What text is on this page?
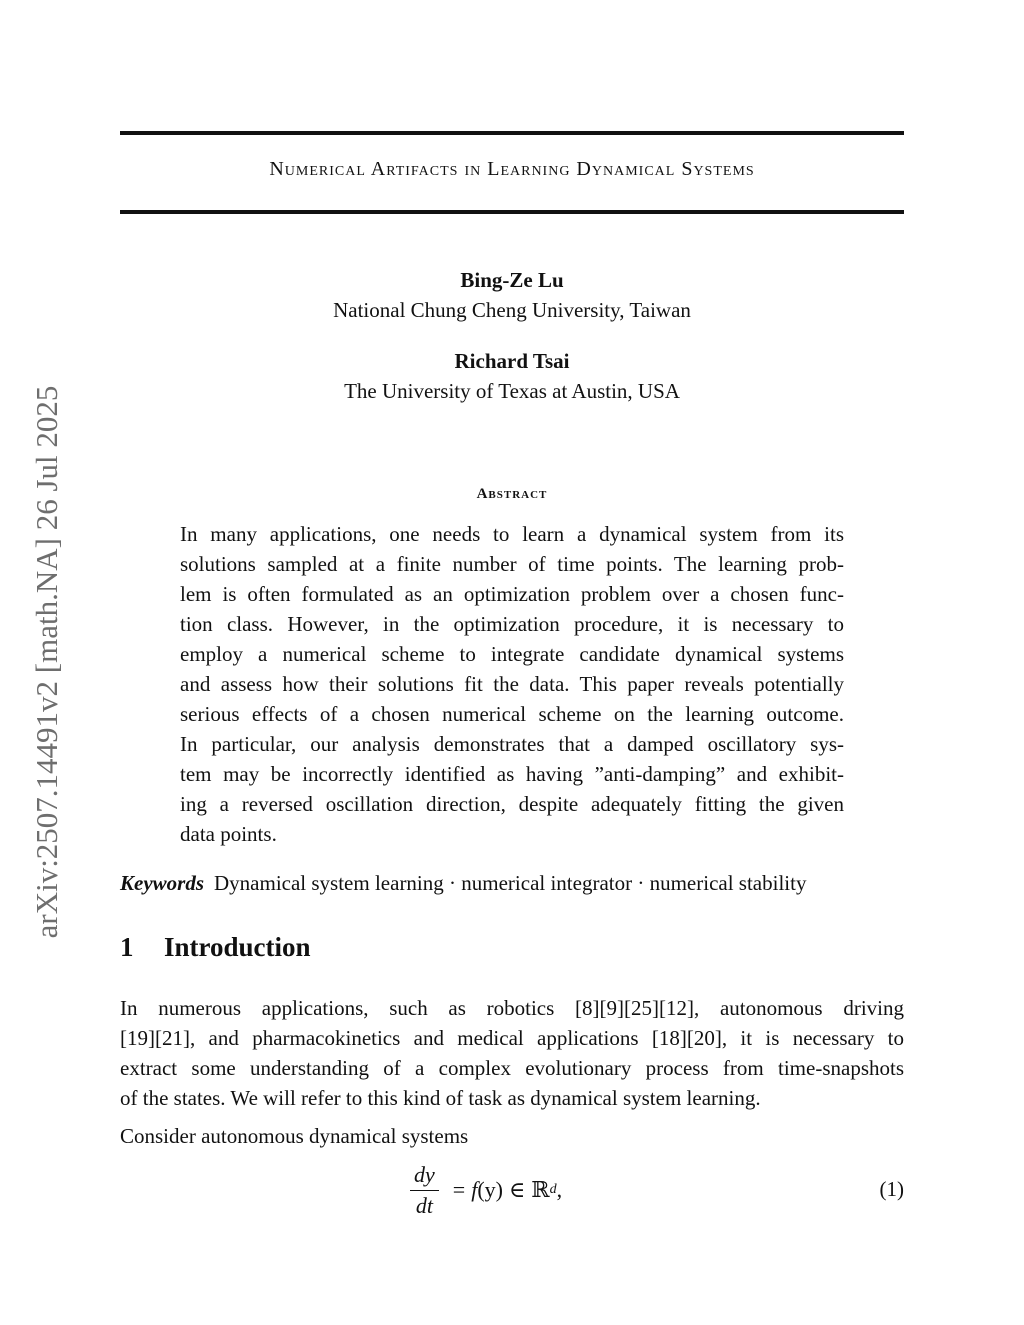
arXiv:2507.14491v2 [math.NA] 26 Jul 2025
Numerical Artifacts in Learning Dynamical Systems
Bing-Ze Lu
National Chung Cheng University, Taiwan
Richard Tsai
The University of Texas at Austin, USA
Abstract
In many applications, one needs to learn a dynamical system from its
solutions sampled at a finite number of time points. The learning prob-
lem is often formulated as an optimization problem over a chosen func-
tion class. However, in the optimization procedure, it is necessary to
employ a numerical scheme to integrate candidate dynamical systems
and assess how their solutions fit the data. This paper reveals potentially
serious effects of a chosen numerical scheme on the learning outcome.
In particular, our analysis demonstrates that a damped oscillatory sys-
tem may be incorrectly identified as having ”anti-damping” and exhibit-
ing a reversed oscillation direction, despite adequately fitting the given
data points.
Keywords Dynamical system learning · numerical integrator · numerical stability
1 Introduction
In numerous applications, such as robotics [8][9][25][12], autonomous driving
[19][21], and pharmacokinetics and medical applications [18][20], it is necessary to
extract some understanding of a complex evolutionary process from time-snapshots
of the states. We will refer to this kind of task as dynamical system learning.
Consider autonomous dynamical systems
$\frac{dy}{dt} = f$ (y) ∈ ℝ d ,	(1)
